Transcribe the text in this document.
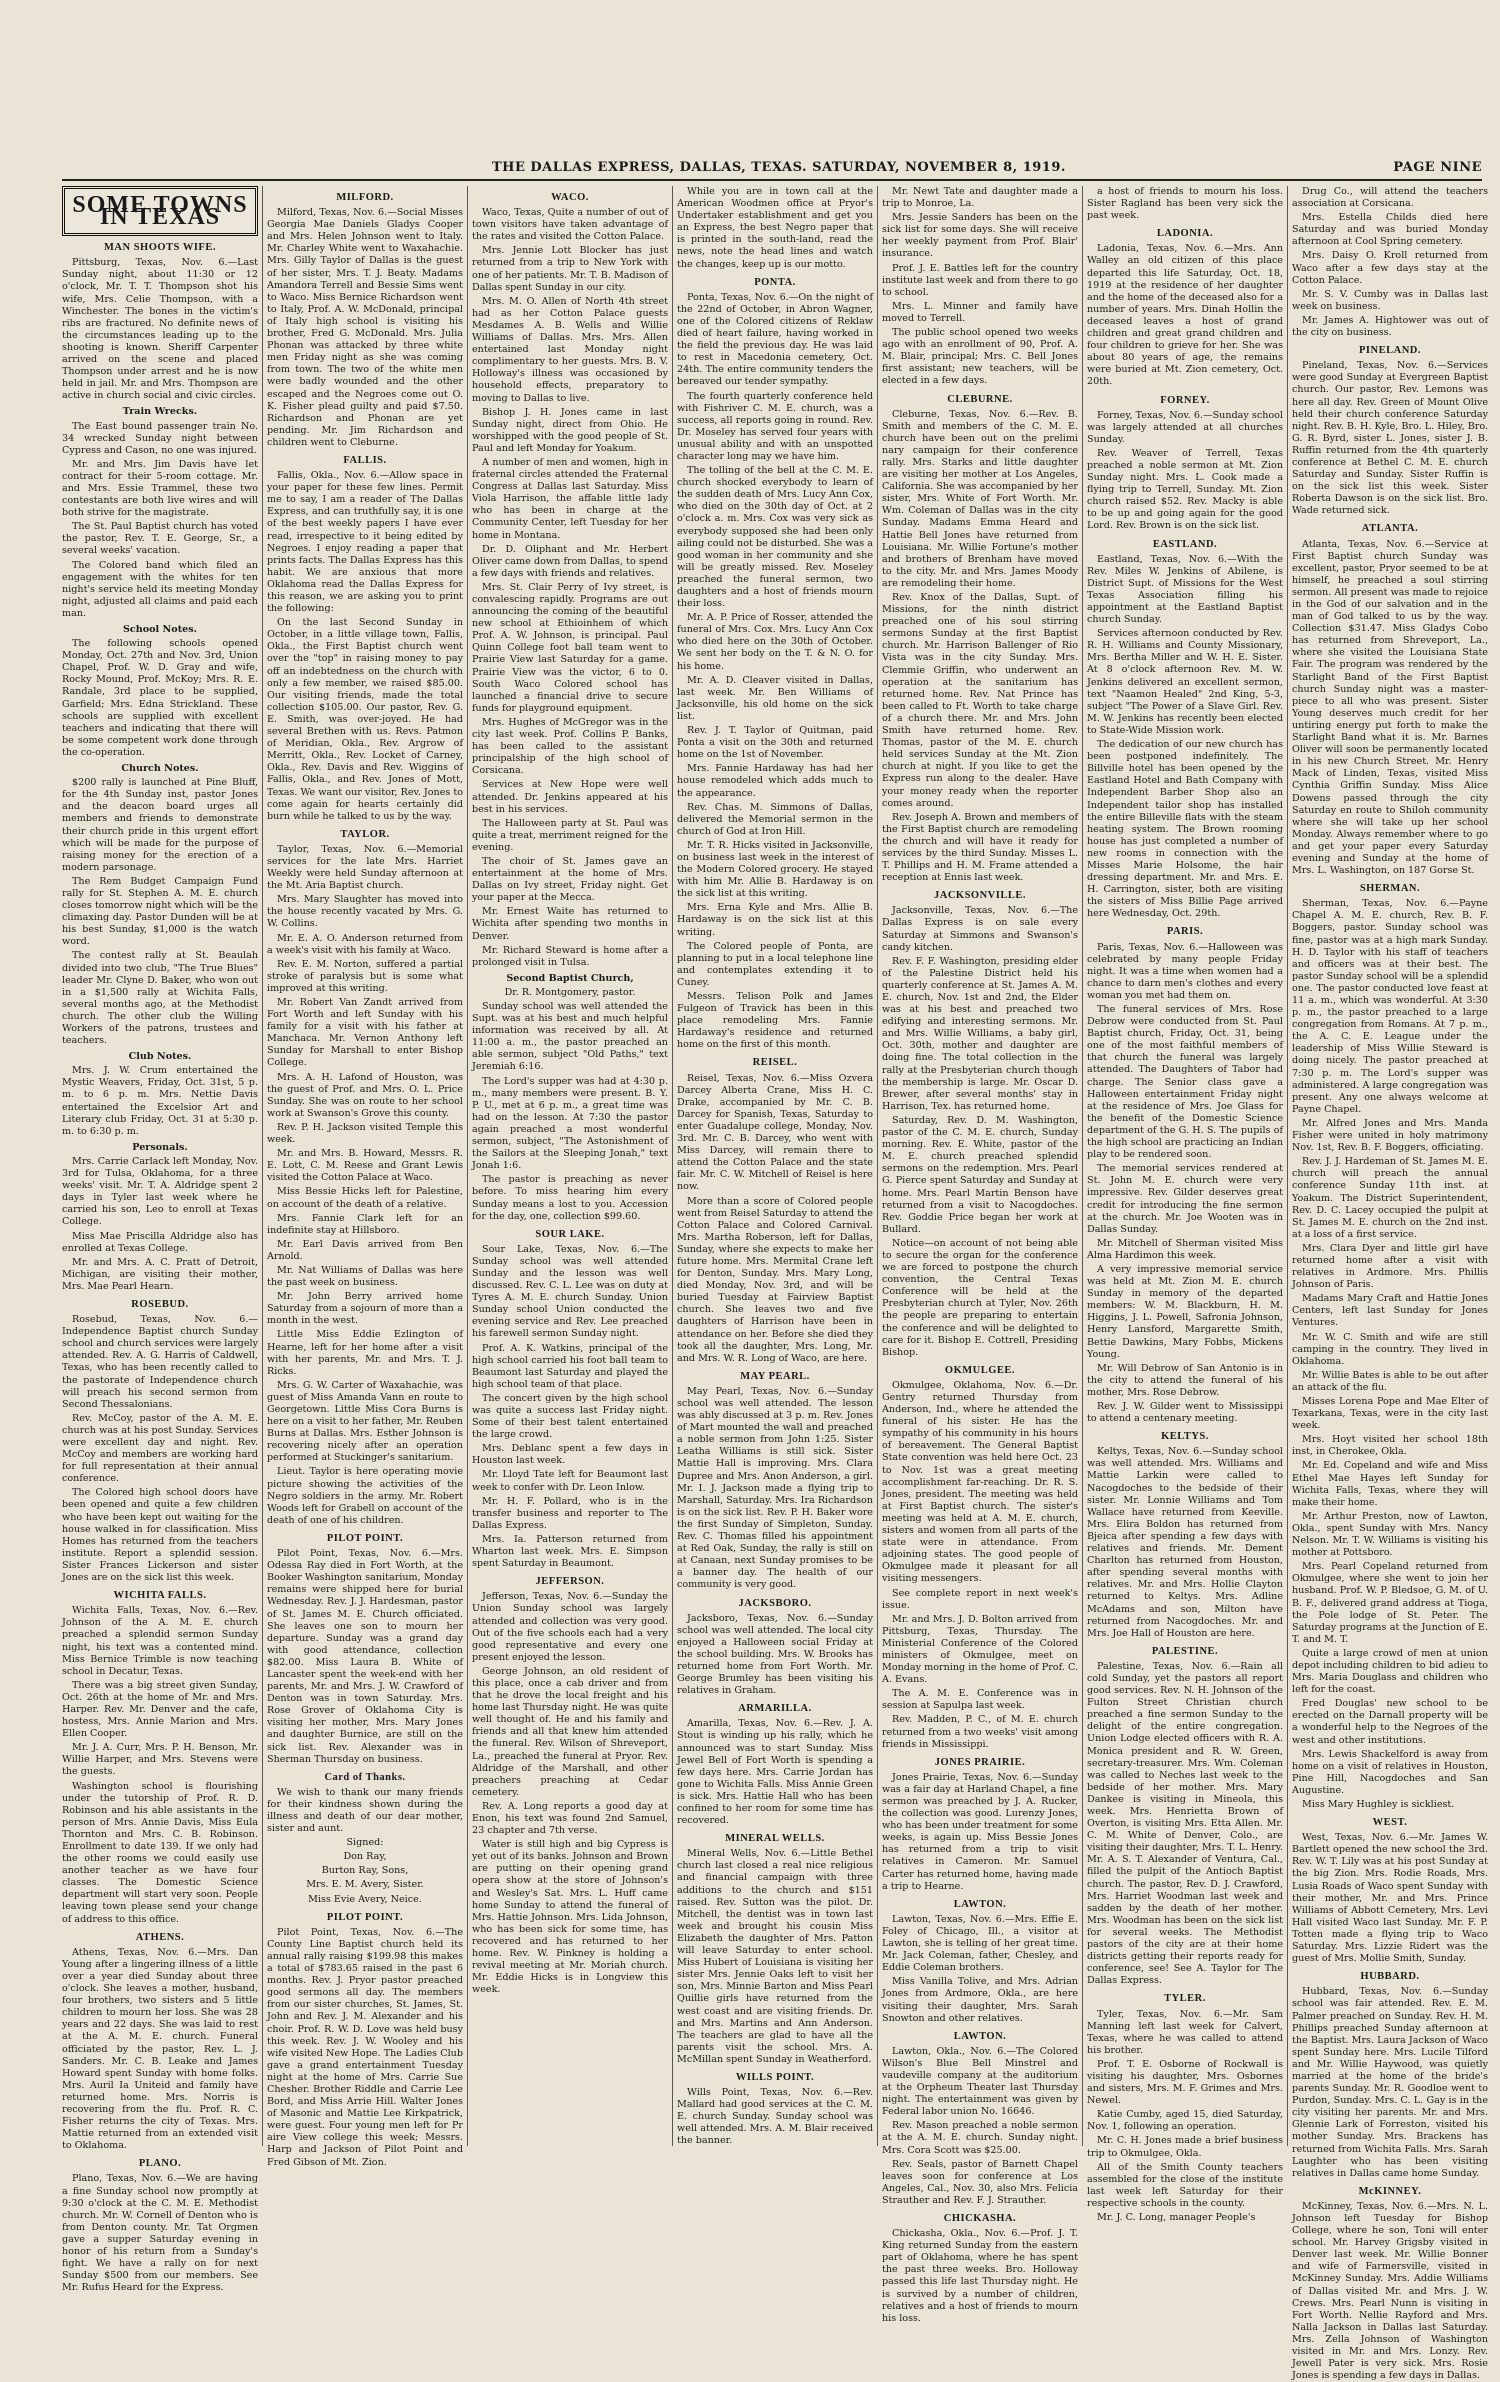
THE DALLAS EXPRESS, DALLAS, TEXAS. SATURDAY, NOVEMBER 8, 1919.	PAGE NINE
SOME TOWNS IN TEXAS
MAN SHOOTS WIFE.

Pittsburg, Texas, Nov. 6.—Last Sunday night, about 11:30 or 12 o'clock, Mr. T. T. Thompson shot his wife, Mrs. Celie Thompson, with a Winchester. The bones in the victim's ribs are fractured. No definite news of the circumstances leading up to the shooting is known. Sheriff Carpenter arrived on the scene and placed Thompson under arrest and he is now held in jail. Mr. and Mrs. Thompson are active in church social and civic circles.

Train Wrecks.

The East bound passenger train No. 34 wrecked Sunday night between Cypress and Cason, no one was injured.

Mr. and Mrs. Jim Davis have let contract for their 5-room cottage. Mr. and Mrs. Essie Trammel, these two contestants are both live wires and will both strive for the magistrate.

The St. Paul Baptist church has voted the pastor, Rev. T. E. George, Sr., a several weeks' vacation.

The Colored band which filed an engagement with the whites for ten night's service held its meeting Monday night, adjusted all claims and paid each man.

School Notes.

The following schools opened Monday, Oct. 27th and Nov. 3rd, Union Chapel, Prof. W. D. Gray and wife, Rocky Mound, Prof. McKoy; Mrs. R. E. Randale, 3rd place to be supplied, Garfield; Mrs. Edna Strickland. These schools are supplied with excellent teachers and indicating that there will be some competent work done through the co-operation.

Church Notes.

$200 rally is launched at Pine Bluff, for the 4th Sunday inst, pastor Jones and the deacon board urges all members and friends to demonstrate their church pride in this urgent effort which will be made for the purpose of raising money for the erection of a modern parsonage.

The Rem Budget Campaign Fund rally for St. Stephen A. M. E. church closes tomorrow night which will be the climaxing day. Pastor Dunden will be at his best Sunday, $1,000 is the watch word.

The contest rally at St. Beaulah divided into two club, "The True Blues" leader Mr. Clyne D. Baker, who won out in a $1,500 rally at Wichita Falls, several months ago, at the Methodist church. The other club the Willing Workers of the patrons, trustees and teachers.

Club Notes.

Mrs. J. W. Crum entertained the Mystic Weavers, Friday, Oct. 31st, 5 p. m. to 6 p. m. Mrs. Nettie Davis entertained the Excelsior Art and Literary club Friday, Oct. 31 at 5:30 p. m. to 6:30 p. m.

Personals.

Mrs. Carrie Carlack left Monday, Nov. 3rd for Tulsa, Oklahoma, for a three weeks' visit. Mr. T. A. Aldridge spent 2 days in Tyler last week where he carried his son, Leo to enroll at Texas College.

Miss Mae Priscilla Aldridge also has enrolled at Texas College.

Mr. and Mrs. A. C. Pratt of Detroit, Michigan, are visiting their mother, Mrs. Mae Pearl Hearn.

ROSEBUD.

Rosebud, Texas, Nov. 6.—Independence Baptist church Sunday school and church services were largely attended. Rev. A. G. Harris of Caldwell, Texas, who has been recently called to the pastorate of Independence church will preach his second sermon from Second Thessalonians.

Rev. McCoy, pastor of the A. M. E. church was at his post Sunday. Services were excellent day and night. Rev. McCoy and members are working hard for full representation at their annual conference.

The Colored high school doors have been opened and quite a few children who have been kept out waiting for the house walked in for classification. Miss Homes has returned from the teachers institute. Report a splendid session. Sister Frances Lickerson and sister Jones are on the sick list this week.

WICHITA FALLS.

Wichita Falls, Texas, Nov. 6.—Rev. Johnson of the A. M. E. church preached a splendid sermon Sunday night, his text was a contented mind. Miss Bernice Trimble is now teaching school in Decatur, Texas.

There was a big street given Sunday, Oct. 26th at the home of Mr. and Mrs. Harper. Rev. Mr. Denver and the cafe, hostess, Mrs. Annie Marion and Mrs. Ellen Cooper.

Mr. J. A. Curr, Mrs. P. H. Benson, Mr. Willie Harper, and Mrs. Stevens were the guests.

Washington school is flourishing under the tutorship of Prof. R. D. Robinson and his able assistants in the person of Mrs. Annie Davis, Miss Eula Thornton and Mrs. C. B. Robinson. Enrollment to date 139. If we only had the other rooms we could easily use another teacher as we have four classes. The Domestic Science department will start very soon. People leaving town please send your change of address to this office.

ATHENS.

Athens, Texas, Nov. 6.—Mrs. Dan Young after a lingering illness of a little over a year died Sunday about three o'clock. She leaves a mother, husband, four brothers, two sisters and 5 little children to mourn her loss. She was 28 years and 22 days. She was laid to rest at the A. M. E. church. Funeral officiated by the pastor, Rev. L. J. Sanders. Mr. C. B. Leake and James Howard spent Sunday with home folks. Mrs. Auril Ia Uniteid and family have returned home. Mrs. Norris is recovering from the flu. Prof. R. C. Fisher returns the city of Texas. Mrs. Mattie returned from an extended visit to Oklahoma.

PLANO.

Plano, Texas, Nov. 6.—We are having a fine Sunday school now promptly at 9:30 o'clock at the C. M. E. Methodist church. Mr. W. Cornell of Denton who is from Denton county. Mr. Tat Orgmen gave a supper Saturday evening in honor of his return from a Sunday's fight. We have a rally on for next Sunday $500 from our members. See Mr. Rufus Heard for the Express.

MILFORD.

Milford, Texas, Nov. 6.—Social Misses Georgia Mae Daniels Gladys Cooper and Mrs. Helen Johnson went to Italy. Mr. Charley White went to Waxahachie. Mrs. Gilly Taylor of Dallas is the guest of her sister, Mrs. T. J. Beaty. Madams Amandora Terrell and Bessie Sims went to Waco. Miss Bernice Richardson went to Italy, Prof. A. W. McDonald, principal of Italy high school is visiting his brother, Fred G. McDonald. Mrs. Julia Phonan was attacked by three white men Friday night as she was coming from town. The two of the white men were badly wounded and the other escaped and the Negroes come out O. K. Fisher plead guilty and paid $7.50. Richardson and Phonan are yet pending. Mr. Jim Richardson and children went to Cleburne.

FALLIS.

Fallis, Okla., Nov. 6.—Allow space in your paper for these few lines. Permit me to say, I am a reader of The Dallas Express, and can truthfully say, it is one of the best weekly papers I have ever read, irrespective to it being edited by Negroes. I enjoy reading a paper that prints facts. The Dallas Express has this habit. We are anxious that more Oklahoma read the Dallas Express for this reason, we are asking you to print the following:

On the last Second Sunday in October, in a little village town, Fallis, Okla., the First Baptist church went over the "top" in raising money to pay off an indebtedness on the church with only a few member, we raised $85.00. Our visiting friends, made the total collection $105.00. Our pastor, Rev. G. E. Smith, was over-joyed. He had several Brethen with us. Revs. Patmon of Meridian, Okla., Rev. Argrow of Merritt, Okla., Rev. Locket of Carney, Okla., Rev. Davis and Rev. Wiggins of Fallis, Okla., and Rev. Jones of Mott, Texas. We want our visitor, Rev. Jones to come again for hearts certainly did burn while he talked to us by the way.

TAYLOR.

Taylor, Texas, Nov. 6.—Memorial services for the late Mrs. Harriet Weekly were held Sunday afternoon at the Mt. Aria Baptist church.

Mrs. Mary Slaughter has moved into the house recently vacated by Mrs. G. W. Collins.

Mr. E. A. O. Anderson returned from a week's visit with his family at Waco.

Rev. E. M. Norton, suffered a partial stroke of paralysis but is some what improved at this writing.

Mr. Robert Van Zandt arrived from Fort Worth and left Sunday with his family for a visit with his father at Manchaca. Mr. Vernon Anthony left Sunday for Marshall to enter Bishop College.

Mrs. A. H. Lafond of Houston, was the guest of Prof. and Mrs. O. L. Price Sunday. She was on route to her school work at Swanson's Grove this county.

Rev. P. H. Jackson visited Temple this week.

Mr. and Mrs. B. Howard, Messrs. R. E. Lott, C. M. Reese and Grant Lewis visited the Cotton Palace at Waco.

Miss Bessie Hicks left for Palestine, on account of the death of a relative.

Mrs. Fannie Clark left for an indefinite stay at Hillsboro.

Mr. Earl Davis arrived from Ben Arnold.

Mr. Nat Williams of Dallas was here the past week on business.

Mr. John Berry arrived home Saturday from a sojourn of more than a month in the west.

Little Miss Eddie Ezlington of Hearne, left for her home after a visit with her parents, Mr. and Mrs. T. J. Ricks.

Mrs. G. W. Carter of Waxahachie, was guest of Miss Amanda Vann en route to Georgetown. Little Miss Cora Burns is here on a visit to her father, Mr. Reuben Burns at Dallas. Mrs. Esther Johnson is recovering nicely after an operation performed at Stuckinger's sanitarium.

Lieut. Taylor is here operating movie picture showing the activities of the Negro soldiers in the army. Mr. Robert Woods left for Grabell on account of the death of one of his children.

PILOT POINT.

Pilot Point, Texas, Nov. 6.—Mrs. Odessa Ray died in Fort Worth, at the Booker Washington sanitarium, Monday remains were shipped here for burial Wednesday. Rev. J. J. Hardesman, pastor of St. James M. E. Church officiated. She leaves one son to mourn her departure. Sunday was a grand day with good attendance, collection $82.00. Miss Laura B. White of Lancaster spent the week-end with her parents, Mr. and Mrs. J. W. Crawford of Denton was in town Saturday. Mrs. Rose Grover of Oklahoma City is visiting her mother, Mrs. Mary Jones and daughter Burnice, are still on the sick list. Rev. Alexander was in Sherman Thursday on business.

Card of Thanks.

We wish to thank our many friends for their kindness shown during the illness and death of our dear mother, sister and aunt.

Signed:
Don Ray,
Burton Ray, Sons,
Mrs. E. M. Avery, Sister.
Miss Evie Avery, Neice.
PILOT POINT.

Pilot Point, Texas, Nov. 6.—The County Line Baptist church held its annual rally raising $199.98 this makes a total of $783.65 raised in the past 6 months. Rev. J. Pryor pastor preached good sermons all day. The members from our sister churches, St. James, St. John and Rev. J. M. Alexander and his choir. Prof. R. W. D. Love was held busy this week. Rev. J. W. Wooley and his wife visited New Hope. The Ladies Club gave a grand entertainment Tuesday night at the home of Mrs. Carrie Sue Chesher. Brother Riddle and Carrie Lee Bord, and Miss Arrie Hill. Walter Jones of Masonic and Mattie Lee Kirkpatrick, were guest. Four young men left for Pr aire View college this week; Messrs. Harp and Jackson of Pilot Point and Fred Gibson of Mt. Zion.

WACO.

Waco, Texas, Quite a number of out of town visitors have taken advantage of the rates and visited the Cotton Palace.

Mrs. Jennie Lott Blocker has just returned from a trip to New York with one of her patients. Mr. T. B. Madison of Dallas spent Sunday in our city.

Mrs. M. O. Allen of North 4th street had as her Cotton Palace guests Mesdames A. B. Wells and Willie Williams of Dallas. Mrs. Mrs. Allen entertained last Monday night complimentary to her guests. Mrs. B. V. Holloway's illness was occasioned by household effects, preparatory to moving to Dallas to live.

Bishop J. H. Jones came in last Sunday night, direct from Ohio. He worshipped with the good people of St. Paul and left Monday for Yoakum.

A number of men and women, high in fraternal circles attended the Fraternal Congress at Dallas last Saturday. Miss Viola Harrison, the affable little lady who has been in charge at the Community Center, left Tuesday for her home in Montana.

Dr. D. Oliphant and Mr. Herbert Oliver came down from Dallas, to spend a few days with friends and relatives.

Mrs. St. Clair Perry of Ivy street, is convalescing rapidly. Programs are out announcing the coming of the beautiful new school at Ethioinhem of which Prof. A. W. Johnson, is principal. Paul Quinn College foot ball team went to Prairie View last Saturday for a game. Prairie View was the victor, 6 to 0. South Waco Colored school has launched a financial drive to secure funds for playground equipment.

Mrs. Hughes of McGregor was in the city last week. Prof. Collins P. Banks, has been called to the assistant principalship of the high school of Corsicana.

Services at New Hope were well attended. Dr. Jenkins appeared at his best in his services.

The Halloween party at St. Paul was quite a treat, merriment reigned for the evening.

The choir of St. James gave an entertainment at the home of Mrs. Dallas on Ivy street, Friday night. Get your paper at the Mecca.

Mr. Ernest Waite has returned to Wichita after spending two months in Denver.

Mr. Richard Steward is home after a prolonged visit in Tulsa.

Second Baptist Church,
Dr. R. Montgomery, pastor.

Sunday school was well attended the Supt. was at his best and much helpful information was received by all. At 11:00 a. m., the pastor preached an able sermon, subject "Old Paths," text Jeremiah 6:16.

The Lord's supper was had at 4:30 p. m., many members were present. B. Y. P. U., met at 6 p. m., a great time was had on the lesson. At 7:30 the pastor again preached a most wonderful sermon, subject, "The Astonishment of the Sailors at the Sleeping Jonah," text Jonah 1:6.

The pastor is preaching as never before. To miss hearing him every Sunday means a lost to you. Accession for the day, one, collection $99.60.

SOUR LAKE.

Sour Lake, Texas, Nov. 6.—The Sunday school was well attended Sunday and the lesson was well discussed. Rev. C. L. Lee was on duty at Tyres A. M. E. church Sunday. Union Sunday school Union conducted the evening service and Rev. Lee preached his farewell sermon Sunday night.

Prof. A. K. Watkins, principal of the high school carried his foot ball team to Beaumont last Saturday and played the high school team of that place.

The concert given by the high school was quite a success last Friday night. Some of their best talent entertained the large crowd.

Mrs. Deblanc spent a few days in Houston last week.

Mr. Lloyd Tate left for Beaumont last week to confer with Dr. Leon Inlow.

Mr. H. F. Pollard, who is in the transfer business and reporter to The Dallas Express.

Mrs. Ia. Patterson returned from Wharton last week. Mrs. E. Simpson spent Saturday in Beaumont.

JEFFERSON.

Jefferson, Texas, Nov. 6.—Sunday the Union Sunday school was largely attended and collection was very good. Out of the five schools each had a very good representative and every one present enjoyed the lesson.

George Johnson, an old resident of this place, once a cab driver and from that he drove the local freight and his home last Thursday night. He was quite well thought of. He and his family and friends and all that knew him attended the funeral. Rev. Wilson of Shreveport, La., preached the funeral at Pryor. Rev. Aldridge of the Marshall, and other preachers preaching at Cedar cemetery.

Rev. A. Long reports a good day at Enon, his text was found 2nd Samuel, 23 chapter and 7th verse.

Water is still high and big Cypress is yet out of its banks. Johnson and Brown are putting on their opening grand opera show at the store of Johnson's and Wesley's Sat. Mrs. L. Huff came home Sunday to attend the funeral of Mrs. Hattie Johnson. Mrs. Lida Johnson, who has been sick for some time, has recovered and has returned to her home. Rev. W. Pinkney is holding a revival meeting at Mr. Moriah church. Mr. Eddie Hicks is in Longview this week.

While you are in town call at the American Woodmen office at Pryor's Undertaker establishment and get you an Express, the best Negro paper that is printed in the south-land, read the news, note the head lines and watch the changes, keep up is our motto.

PONTA.

Ponta, Texas, Nov. 6.—On the night of the 22nd of October, in Abron Wagner, one of the Colored citizens of Reklaw died of heart failure, having worked in the field the previous day. He was laid to rest in Macedonia cemetery, Oct. 24th. The entire community tenders the bereaved our tender sympathy.

The fourth quarterly conference held with Fishriver C. M. E. church, was a success, all reports going in round. Rev. Dr. Moseley has served four years with unusual ability and with an unspotted character long may we have him.

The tolling of the bell at the C. M. E. church shocked everybody to learn of the sudden death of Mrs. Lucy Ann Cox, who died on the 30th day of Oct. at 2 o'clock a. m. Mrs. Cox was very sick as everybody supposed she had been only ailing could not be disturbed. She was a good woman in her community and she will be greatly missed. Rev. Moseley preached the funeral sermon, two daughters and a host of friends mourn their loss.

Mr. A. P. Price of Rosser, attended the funeral of Mrs. Cox. Mrs. Lucy Ann Cox who died here on the 30th of October. We sent her body on the T. & N. O. for his home.

Mr. A. D. Cleaver visited in Dallas, last week. Mr. Ben Williams of Jacksonville, his old home on the sick list.

Rev. J. T. Taylor of Quitman, paid Ponta a visit on the 30th and returned home on the 1st of November.

Mrs. Fannie Hardaway has had her house remodeled which adds much to the appearance.

Rev. Chas. M. Simmons of Dallas, delivered the Memorial sermon in the church of God at Iron Hill.

Mr. T. R. Hicks visited in Jacksonville, on business last week in the interest of the Modern Colored grocery. He stayed with him Mr. Allie B. Hardaway is on the sick list at this writing.

Mrs. Erna Kyle and Mrs. Allie B. Hardaway is on the sick list at this writing.

The Colored people of Ponta, are planning to put in a local telephone line and contemplates extending it to Cuney.

Messrs. Telison Polk and James Fulgeon of Travick has been in this place remodeling Mrs. Fannie Hardaway's residence and returned home on the first of this month.

REISEL.

Reisel, Texas, Nov. 6.—Miss Ozvera Darcey Alberta Crane, Miss H. C. Drake, accompanied by Mr. C. B. Darcey for Spanish, Texas, Saturday to enter Guadalupe college, Monday, Nov. 3rd. Mr. C. B. Darcey, who went with Miss Darcey, will remain there to attend the Cotton Palace and the state fair. Mr. C. W. Mitchell of Reisel is here now.

More than a score of Colored people went from Reisel Saturday to attend the Cotton Palace and Colored Carnival. Mrs. Martha Roberson, left for Dallas, Sunday, where she expects to make her future home. Mrs. Mermital Crane left for Denton, Sunday. Mrs. Mary Long, died Monday, Nov. 3rd, and will be buried Tuesday at Fairview Baptist church. She leaves two and five daughters of Harrison have been in attendance on her. Before she died they took all the daughter, Mrs. Long, Mr. and Mrs. W. R. Long of Waco, are here.

MAY PEARL.

May Pearl, Texas, Nov. 6.—Sunday school was well attended. The lesson was ably discussed at 3 p. m. Rev. Jones of Mart mounted the wall and preached a noble sermon from John 1:25. Sister Leatha Williams is still sick. Sister Mattie Hall is improving. Mrs. Clara Dupree and Mrs. Anon Anderson, a girl. Mr. I. J. Jackson made a flying trip to Marshall, Saturday. Mrs. Ira Richardson is on the sick list. Rev. P. H. Baker wore the first Sunday of Simpleton, Sunday. Rev. C. Thomas filled his appointment at Red Oak, Sunday, the rally is still on at Canaan, next Sunday promises to be a banner day. The health of our community is very good.

JACKSBORO.

Jacksboro, Texas, Nov. 6.—Sunday school was well attended. The local city enjoyed a Halloween social Friday at the school building. Mrs. W. Brooks has returned home from Fort Worth. Mr. George Brumley has been visiting his relatives in Graham.

ARMARILLA.

Amarilla, Texas, Nov. 6.—Rev. J. A. Stout is winding up his rally, which he announced was to start Sunday. Miss Jewel Bell of Fort Worth is spending a few days here. Mrs. Carrie Jordan has gone to Wichita Falls. Miss Annie Green is sick. Mrs. Hattie Hall who has been confined to her room for some time has recovered.

MINERAL WELLS.

Mineral Wells, Nov. 6.—Little Bethel church last closed a real nice religious and financial campaign with three additions to the church and $151 raised. Rev. Sutton was the pilot. Dr. Mitchell, the dentist was in town last week and brought his cousin Miss Elizabeth the daughter of Mrs. Patton will leave Saturday to enter school. Miss Hubert of Louisiana is visiting her sister Mrs. Jennie Oaks left to visit her son, Mrs. Minnie Barton and Miss Pearl Quillie girls have returned from the west coast and are visiting friends. Dr. and Mrs. Martins and Ann Anderson. The teachers are glad to have all the parents visit the school. Mrs. A. McMillan spent Sunday in Weatherford.

WILLS POINT.

Wills Point, Texas, Nov. 6.—Rev. Mallard had good services at the C. M. E. church Sunday. Sunday school was well attended. Mrs. A. M. Blair received the banner.

Mr. Newt Tate and daughter made a trip to Monroe, La.

Mrs. Jessie Sanders has been on the sick list for some days. She will receive her weekly payment from Prof. Blair' insurance.

Prof. J. E. Battles left for the country institute last week and from there to go to school.

Mrs. L. Minner and family have moved to Terrell.

The public school opened two weeks ago with an enrollment of 90, Prof. A. M. Blair, principal; Mrs. C. Bell Jones first assistant; new teachers, will be elected in a few days.

CLEBURNE.

Cleburne, Texas, Nov. 6.—Rev. B. Smith and members of the C. M. E. church have been out on the prelimi nary campaign for their conference rally. Mrs. Starks and little daughter are visiting her mother at Los Angeles, California. She was accompanied by her sister, Mrs. White of Fort Worth. Mr. Wm. Coleman of Dallas was in the city Sunday. Madams Emma Heard and Hattie Bell Jones have returned from Louisiana. Mr. Willie Fortune's mother and brothers of Brenham have moved to the city. Mr. and Mrs. James Moody are remodeling their home.

Rev. Knox of the Dallas, Supt. of Missions, for the ninth district preached one of his soul stirring sermons Sunday at the first Baptist church. Mr. Harrison Ballenger of Rio Vista was in the city Sunday. Mrs. Clemmie Griffin, who underwent an operation at the sanitarium has returned home. Rev. Nat Prince has been called to Ft. Worth to take charge of a church there. Mr. and Mrs. John Smith have returned home. Rev. Thomas, pastor of the M. E. church held services Sunday at the Mt. Zion church at night. If you like to get the Express run along to the dealer. Have your money ready when the reporter comes around.

Rev. Joseph A. Brown and members of the First Baptist church are remodeling the church and will have it ready for services by the third Sunday. Misses L. T. Phillips and H. M. Frame attended a reception at Ennis last week.

JACKSONVILLE.

Jacksonville, Texas, Nov. 6.—The Dallas Express is on sale every Saturday at Simmons and Swanson's candy kitchen.

Rev. F. F. Washington, presiding elder of the Palestine District held his quarterly conference at St. James A. M. E. church, Nov. 1st and 2nd, the Elder was at his best and preached two edifying and interesting sermons. Mr. and Mrs. Willie Williams, a baby girl, Oct. 30th, mother and daughter are doing fine. The total collection in the rally at the Presbyterian church though the membership is large. Mr. Oscar D. Brewer, after several months' stay in Harrison, Tex. has returned home.

Saturday, Rev. D. M. Washington, pastor of the C. M. E. church, Sunday morning. Rev. E. White, pastor of the M. E. church preached splendid sermons on the redemption. Mrs. Pearl G. Pierce spent Saturday and Sunday at home. Mrs. Pearl Martin Benson have returned from a visit to Nacogdoches. Rev. Goddie Price began her work at Bullard.

Notice—on account of not being able to secure the organ for the conference we are forced to postpone the church convention, the Central Texas Conference will be held at the Presbyterian church at Tyler, Nov. 26th the people are preparing to entertain the conference and will be delighted to care for it. Bishop E. Cottrell, Presiding Bishop.

OKMULGEE.

Okmulgee, Oklahoma, Nov. 6.—Dr. Gentry returned Thursday from Anderson, Ind., where he attended the funeral of his sister. He has the sympathy of his community in his hours of bereavement. The General Baptist State convention was held here Oct. 23 to Nov. 1st was a great meeting accomplishment far-reaching. Dr. R. S. Jones, president. The meeting was held at First Baptist church. The sister's meeting was held at A. M. E. church, sisters and women from all parts of the state were in attendance. From adjoining states. The good people of Okmulgee made it pleasant for all visiting messengers.

See complete report in next week's issue.

Mr. and Mrs. J. D. Bolton arrived from Pittsburg, Texas, Thursday. The Ministerial Conference of the Colored ministers of Okmulgee, meet on Monday morning in the home of Prof. C. A. Evans.

The A. M. E. Conference was in session at Sapulpa last week.

Rev. Madden, P. C., of M. E. church returned from a two weeks' visit among friends in Mississippi.

JONES PRAIRIE.

Jones Prairie, Texas, Nov. 6.—Sunday was a fair day at Harland Chapel, a fine sermon was preached by J. A. Rucker, the collection was good. Lurenzy Jones, who has been under treatment for some weeks, is again up. Miss Bessie Jones has returned from a trip to visit relatives in Cameron. Mr. Samuel Carter has returned home, having made a trip to Hearne.

LAWTON.

Lawton, Texas, Nov. 6.—Mrs. Effie E. Foley of Chicago, Ill., a visitor at Lawton, she is telling of her great time. Mr. Jack Coleman, father, Chesley, and Eddie Coleman brothers.

Miss Vanilla Tolive, and Mrs. Adrian Jones from Ardmore, Okla., are here visiting their daughter, Mrs. Sarah Snowton and other relatives.

LAWTON.

Lawton, Okla., Nov. 6.—The Colored Wilson's Blue Bell Minstrel and vaudeville company at the auditorium at the Orpheum Theater last Thursday night. The entertainment was given by Federal labor union No. 16646.

Rev. Mason preached a noble sermon at the A. M. E. church. Sunday night. Mrs. Cora Scott was $25.00.

Rev. Seals, pastor of Barnett Chapel leaves soon for conference at Los Angeles, Cal., Nov. 30, also Mrs. Felicia Strauther and Rev. F. J. Strauther.

CHICKASHA.

Chickasha, Okla., Nov. 6.—Prof. J. T. King returned Sunday from the eastern part of Oklahoma, where he has spent the past three weeks. Bro. Holloway passed this life last Thursday night. He is survived by a number of children, relatives and a host of friends to mourn his loss.

a host of friends to mourn his loss. Sister Ragland has been very sick the past week.

LADONIA.

Ladonia, Texas, Nov. 6.—Mrs. Ann Walley an old citizen of this place departed this life Saturday, Oct. 18, 1919 at the residence of her daughter and the home of the deceased also for a number of years. Mrs. Dinah Hollin the deceased leaves a host of grand children and great grand children and four children to grieve for her. She was about 80 years of age, the remains were buried at Mt. Zion cemetery, Oct. 20th.

FORNEY.

Forney, Texas, Nov. 6.—Sunday school was largely attended at all churches Sunday.

Rev. Weaver of Terrell, Texas preached a noble sermon at Mt. Zion Sunday night. Mrs. L. Cook made a flying trip to Terrell, Sunday. Mt. Zion church raised $52. Rev. Macky is able to be up and going again for the good Lord. Rev. Brown is on the sick list.

EASTLAND.

Eastland, Texas, Nov. 6.—With the Rev. Miles W. Jenkins of Abilene, is District Supt. of Missions for the West Texas Association filling his appointment at the Eastland Baptist church Sunday.

Services afternoon conducted by Rev. R. H. Williams and County Missionary, Mrs. Bertha Miller and W. H. E. Sister. At 8 o'clock afternoon Rev. M. W. Jenkins delivered an excellent sermon, text "Naamon Healed" 2nd King, 5-3, subject "The Power of a Slave Girl. Rev. M. W. Jenkins has recently been elected to State-Wide Mission work.

The dedication of our new church has been postponed indefinitely. The Billville hotel has been opened by the Eastland Hotel and Bath Company with Independent Barber Shop also an Independent tailor shop has installed the entire Billeville flats with the steam heating system. The Brown rooming house has just completed a number of new rooms in connection with the Misses Marie Holsome, the hair dressing department. Mr. and Mrs. E. H. Carrington, sister, both are visiting the sisters of Miss Billie Page arrived here Wednesday, Oct. 29th.

PARIS.

Paris, Texas, Nov. 6.—Halloween was celebrated by many people Friday night. It was a time when women had a chance to darn men's clothes and every woman you met had them on.

The funeral services of Mrs. Rose Debrow were conducted from St. Paul Baptist church, Friday, Oct. 31, being one of the most faithful members of that church the funeral was largely attended. The Daughters of Tabor had charge. The Senior class gave a Halloween entertainment Friday night at the residence of Mrs. Joe Glass for the benefit of the Domestic Science department of the G. H. S. The pupils of the high school are practicing an Indian play to be rendered soon.

The memorial services rendered at St. John M. E. church were very impressive. Rev. Gilder deserves great credit for introducing the fine sermon at the church. Mr. Joe Wooten was in Dallas Sunday.

Mr. Mitchell of Sherman visited Miss Alma Hardimon this week.

A very impressive memorial service was held at Mt. Zion M. E. church Sunday in memory of the departed members: W. M. Blackburn, H. M. Higgins, J. L. Powell, Safronia Johnson, Henry Lansford, Margarette Smith, Bettie Dawkins, Mary Fobbs, Mickens Young.

Mr. Will Debrow of San Antonio is in the city to attend the funeral of his mother, Mrs. Rose Debrow.

Rev. J. W. Gilder went to Mississippi to attend a centenary meeting.

KELTYS.

Keltys, Texas, Nov. 6.—Sunday school was well attended. Mrs. Williams and Mattie Larkin were called to Nacogdoches to the bedside of their sister. Mr. Lonnie Williams and Tom Wallace have returned from Keeville. Mrs. Elira Boldon has returned from Bjeica after spending a few days with relatives and friends. Mr. Dement Charlton has returned from Houston, after spending several months with relatives. Mr. and Mrs. Hollie Clayton returned to Keltys. Mrs. Adline McAdams and son, Milton have returned from Nacogdoches. Mr. and Mrs. Joe Hall of Houston are here.

PALESTINE.

Palestine, Texas, Nov. 6.—Rain all cold Sunday, yet the pastors all report good services. Rev. N. H. Johnson of the Fulton Street Christian church preached a fine sermon Sunday to the delight of the entire congregation. Union Lodge elected officers with R. A. Monica president and R. W. Green, secretary-treasurer. Mrs. Wm. Coleman was called to Neches last week to the bedside of her mother. Mrs. Mary Dankee is visiting in Mineola, this week. Mrs. Henrietta Brown of Overton, is visiting Mrs. Etta Allen. Mr. C. M. White of Denver, Colo., are visiting their daughter, Mrs. T. L. Henry. Mr. A. S. T. Alexander of Ventura, Cal., filled the pulpit of the Antioch Baptist church. The pastor, Rev. D. J. Crawford, Mrs. Harriet Woodman last week and sadden by the death of her mother. Mrs. Woodman has been on the sick list for several weeks. The Methodist pastors of the city are at their home districts getting their reports ready for conference, see! See A. Taylor for The Dallas Express.

TYLER.

Tyler, Texas, Nov. 6.—Mr. Sam Manning left last week for Calvert, Texas, where he was called to attend his brother.

Prof. T. E. Osborne of Rockwall is visiting his daughter, Mrs. Osbornes and sisters, Mrs. M. F. Grimes and Mrs. Newel.

Katie Cumby, aged 15, died Saturday, Nov. 1, following an operation.

Mr. C. H. Jones made a brief business trip to Okmulgee, Okla.

All of the Smith County teachers assembled for the close of the institute last week left Saturday for their respective schools in the county.

Mr. J. C. Long, manager People's

Drug Co., will attend the teachers association at Corsicana.

Mrs. Estella Childs died here Saturday and was buried Monday afternoon at Cool Spring cemetery.

Mrs. Daisy O. Kroll returned from Waco after a few days stay at the Cotton Palace.

Mr. S. V. Cumby was in Dallas last week on business.

Mr. James A. Hightower was out of the city on business.

PINELAND.

Pineland, Texas, Nov. 6.—Services were good Sunday at Evergreen Baptist church. Our pastor, Rev. Lemons was here all day. Rev. Green of Mount Olive held their church conference Saturday night. Rev. B. H. Kyle, Bro. L. Hiley, Bro. G. R. Byrd, sister L. Jones, sister J. B. Ruffin returned from the 4th quarterly conference at Bethel C. M. E. church Saturday and Sunday. Sister Ruffin is on the sick list this week. Sister Roberta Dawson is on the sick list. Bro. Wade returned sick.

ATLANTA.

Atlanta, Texas, Nov. 6.—Service at First Baptist church Sunday was excellent, pastor, Pryor seemed to be at himself, he preached a soul stirring sermon. All present was made to rejoice in the God of our salvation and in the man of God talked to us by the way. Collection $31.47. Miss Gladys Cobo has returned from Shreveport, La., where she visited the Louisiana State Fair. The program was rendered by the Starlight Band of the First Baptist church Sunday night was a master-piece to all who was present. Sister Young deserves much credit for her untiring energy put forth to make the Starlight Band what it is. Mr. Barnes Oliver will soon be permanently located in his new Church Street. Mr. Henry Mack of Linden, Texas, visited Miss Cynthia Griffin Sunday. Miss Alice Dowens passed through the city Saturday en route to Shiloh community where she will take up her school Monday. Always remember where to go and get your paper every Saturday evening and Sunday at the home of Mrs. L. Washington, on 187 Gorse St.

SHERMAN.

Sherman, Texas, Nov. 6.—Payne Chapel A. M. E. church, Rev. B. F. Boggers, pastor. Sunday school was fine, pastor was at a high mark Sunday. H. D. Taylor with his staff of teachers and officers was at their best. The pastor Sunday school will be a splendid one. The pastor conducted love feast at 11 a. m., which was wonderful. At 3:30 p. m., the pastor preached to a large congregation from Romans. At 7 p. m., the A. C. E. League under the leadership of Miss Willie Steward is doing nicely. The pastor preached at 7:30 p. m. The Lord's supper was administered. A large congregation was present. Any one always welcome at Payne Chapel.

Mr. Alfred Jones and Mrs. Manda Fisher were united in holy matrimony Nov. 1st, Rev. B. F. Boggers, officiating.

Rev. J. J. Hardeman of St. James M. E. church will preach the annual conference Sunday 11th inst. at Yoakum. The District Superintendent, Rev. D. C. Lacey occupied the pulpit at St. James M. E. church on the 2nd inst. at a loss of a first service.

Mrs. Clara Dyer and little girl have returned home after a visit with relatives in Ardmore. Mrs. Phillis Johnson of Paris.

Madams Mary Craft and Hattie Jones Centers, left last Sunday for Jones Ventures.

Mr. W. C. Smith and wife are still camping in the country. They lived in Oklahoma.

Mr. Willie Bates is able to be out after an attack of the flu.

Misses Lorena Pope and Mae Elter of Texarkana, Texas, were in the city last week.

Mrs. Hoyt visited her school 18th inst, in Cherokee, Okla.

Mr. Ed. Copeland and wife and Miss Ethel Mae Hayes left Sunday for Wichita Falls, Texas, where they will make their home.

Mr. Arthur Preston, now of Lawton, Okla., spent Sunday with Mrs. Nancy Nelson. Mr. T. W. Williams is visiting his mother at Pottsboro.

Mrs. Pearl Copeland returned from Okmulgee, where she went to join her husband. Prof. W. P. Bledsoe, G. M. of U. B. F., delivered grand address at Tioga, the Pole lodge of St. Peter. The Saturday programs at the Junction of E. T. and M. T.

Quite a large crowd of men at union depot including children to bid adieu to Mrs. Maria Douglass and children who left for the coast.

Fred Douglas' new school to be erected on the Darnall property will be a wonderful help to the Negroes of the west and other institutions.

Mrs. Lewis Shackelford is away from home on a visit of relatives in Houston, Pine Hill, Nacogdoches and San Augustine.

Miss Mary Hughley is sickliest.

WEST.

West, Texas, Nov. 6.—Mr. James W. Bartlett opened the new school the 3rd. Rev. W. T. Lily was at his post Sunday at the big Zion. Mrs. Rodie Roads, Mrs. Lusia Roads of Waco spent Sunday with their mother, Mr. and Mrs. Prince Williams of Abbott Cemetery, Mrs. Levi Hall visited Waco last Sunday. Mr. F. P. Totten made a flying trip to Waco Saturday. Mrs. Lizzie Ridert was the guest of Mrs. Mollie Smith, Sunday.

HUBBARD.

Hubbard, Texas, Nov. 6.—Sunday school was fair attended. Rev. E. M. Palmer preached on Sunday. Rev. H. M. Phillips preached Sunday afternoon at the Baptist. Mrs. Laura Jackson of Waco spent Sunday here. Mrs. Lucile Tilford and Mr. Willie Haywood, was quietly married at the home of the bride's parents Sunday. Mr. R. Goodloe went to Purdon, Sunday. Mrs. C. L. Gay is in the city visiting her parents. Mr. and Mrs. Glennie Lark of Forreston, visited his mother Sunday. Mrs. Brackens has returned from Wichita Falls. Mrs. Sarah Laughter who has been visiting relatives in Dallas came home Sunday.

McKINNEY.

McKinney, Texas, Nov. 6.—Mrs. N. L. Johnson left Tuesday for Bishop College, where he son, Toni will enter school. Mr. Harvey Grigsby visited in Denver last week. Mr. Willie Bonner and wife of Farmersville, visited in McKinney Sunday. Mrs. Addie Williams of Dallas visited Mr. and Mrs. J. W. Crews. Mrs. Pearl Nunn is visiting in Fort Worth. Nellie Rayford and Mrs. Nalla Jackson in Dallas last Saturday. Mrs. Zella Johnson of Washington visited in Mr. and Mrs. Lonzy. Rev. Jewell Pater is very sick. Mrs. Rosie Jones is spending a few days in Dallas.
